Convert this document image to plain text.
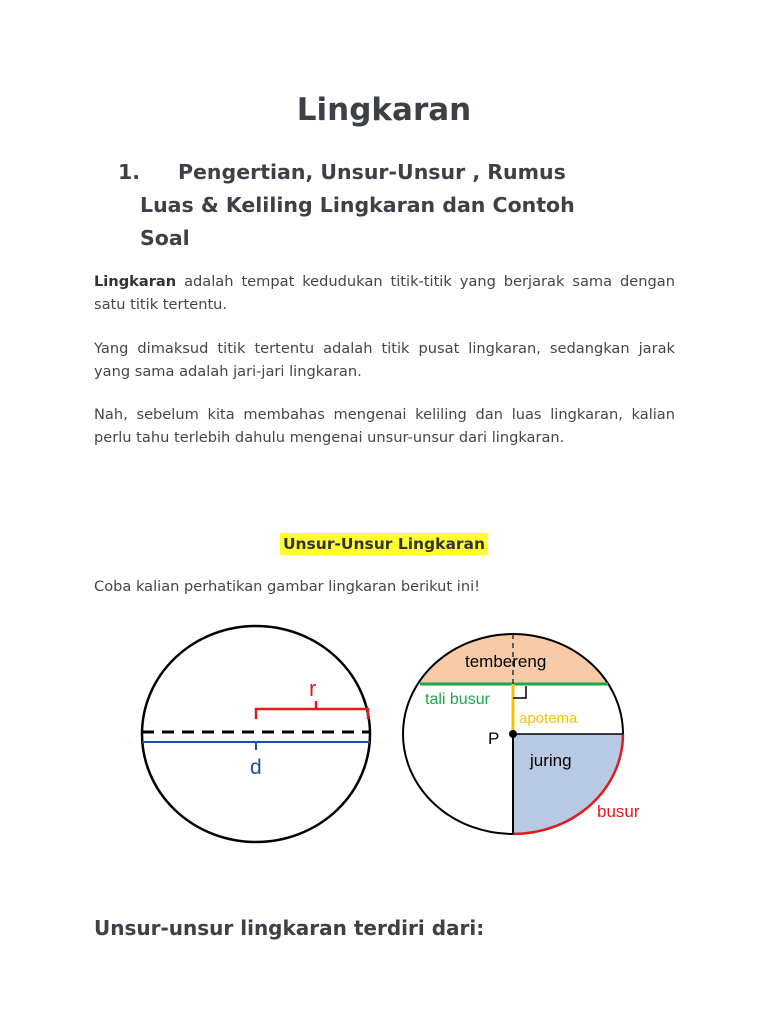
Lingkaran
1. Pengertian, Unsur-Unsur , Rumus
Luas & Keliling Lingkaran dan Contoh
Soal

Lingkaran adalah tempat kedudukan titik-titik yang berjarak sama dengan satu titik tertentu.

Yang dimaksud titik tertentu adalah titik pusat lingkaran, sedangkan jarak yang sama adalah jari-jari lingkaran.

Nah, sebelum kita membahas mengenai keliling dan luas lingkaran, kalian perlu tahu terlebih dahulu mengenai unsur-unsur dari lingkaran.

Unsur-Unsur Lingkaran

Coba kalian perhatikan gambar lingkaran berikut ini!

r
d
tembereng
tali busur
apotema
P
juring
busur
Unsur-unsur lingkaran terdiri dari:
